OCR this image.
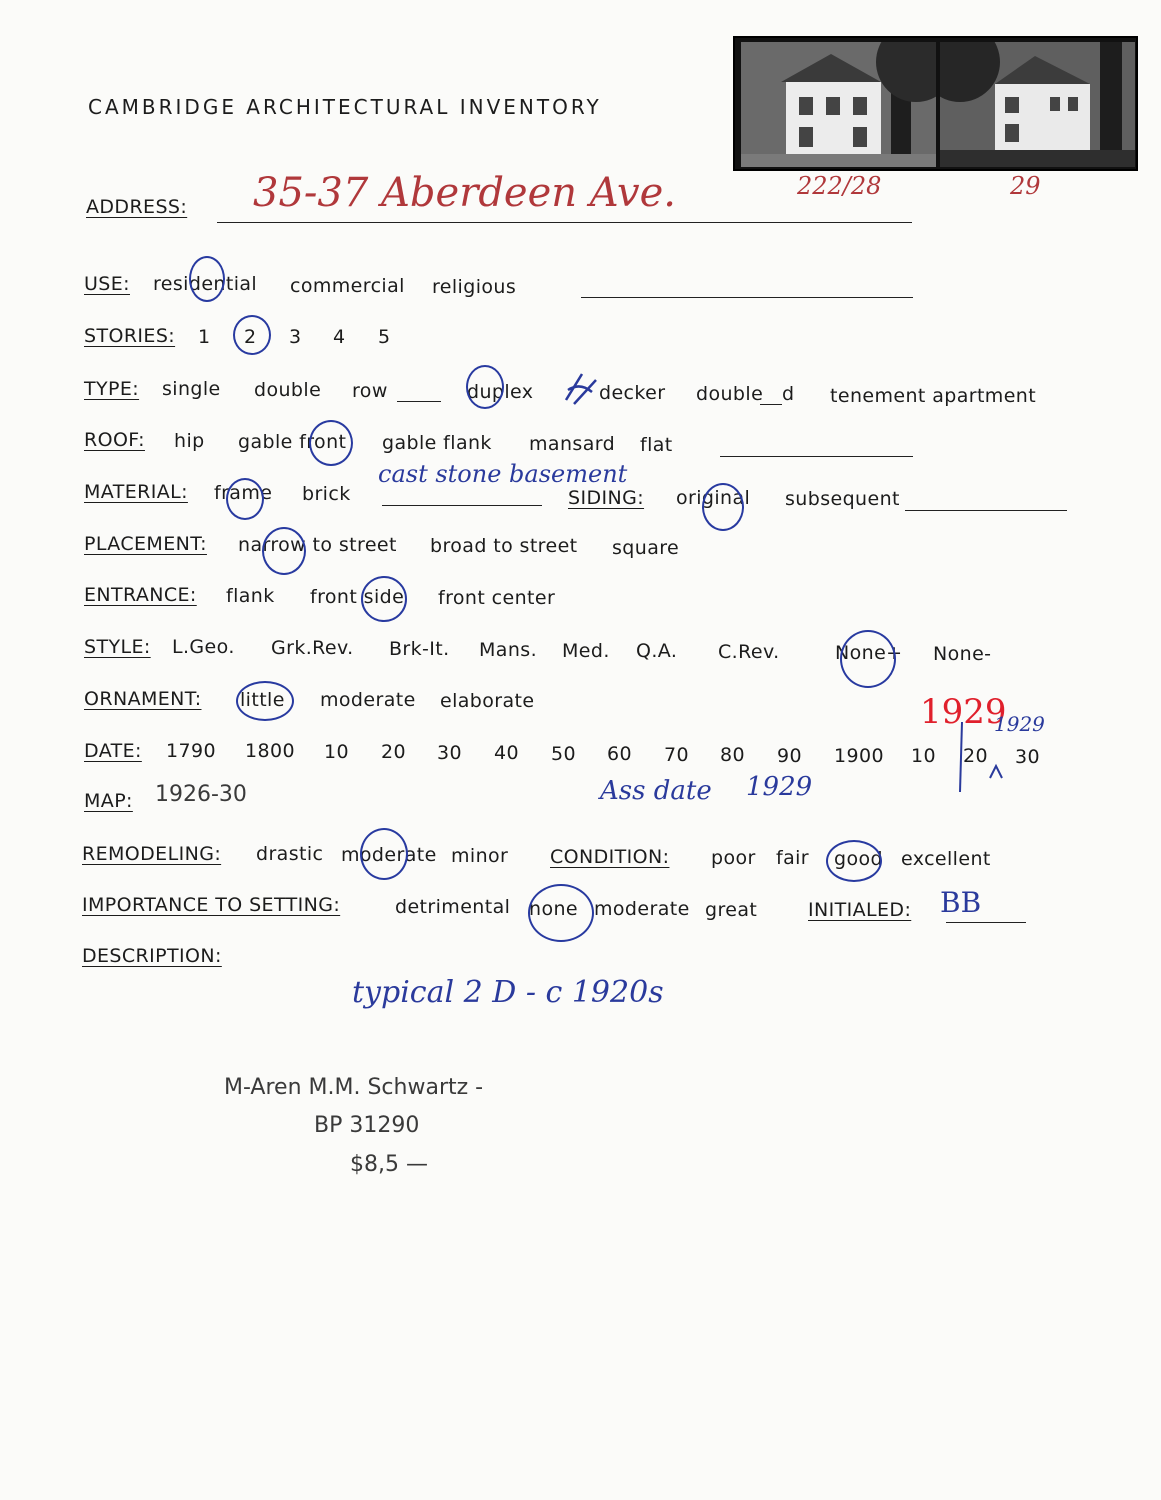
CAMBRIDGE ARCHITECTURAL INVENTORY
222/28	29
ADDRESS: 35-37 Aberdeen Ave.
USE: residential commercial religious
STORIES: 1 2 3 4 5
TYPE: single double row	duplex	decker double d tenement apartment
ROOF: hip gable front gable flank mansard flat
MATERIAL: frame brick
cast stone basement
SIDING: original subsequent
PLACEMENT: narrow to street broad to street square
ENTRANCE: flank front side front center
STYLE: L.Geo. Grk.Rev. Brk-It. Mans. Med. Q.A. C.Rev.	None+ None-
ORNAMENT: little moderate elaborate
DATE: 1790 1800 10 20 30 40 50 60 70 80 90 1900 10 20 30
1929
1929
MAP: 1926-30	Ass date 1929
REMODELING: drastic moderate minor CONDITION: poor fair good excellent
IMPORTANCE TO SETTING:	detrimental none moderate great	INITIALED: BB
DESCRIPTION:
typical 2 D - c 1920s
M-Aren M.M. Schwartz -
BP 31290
$8,5 —
